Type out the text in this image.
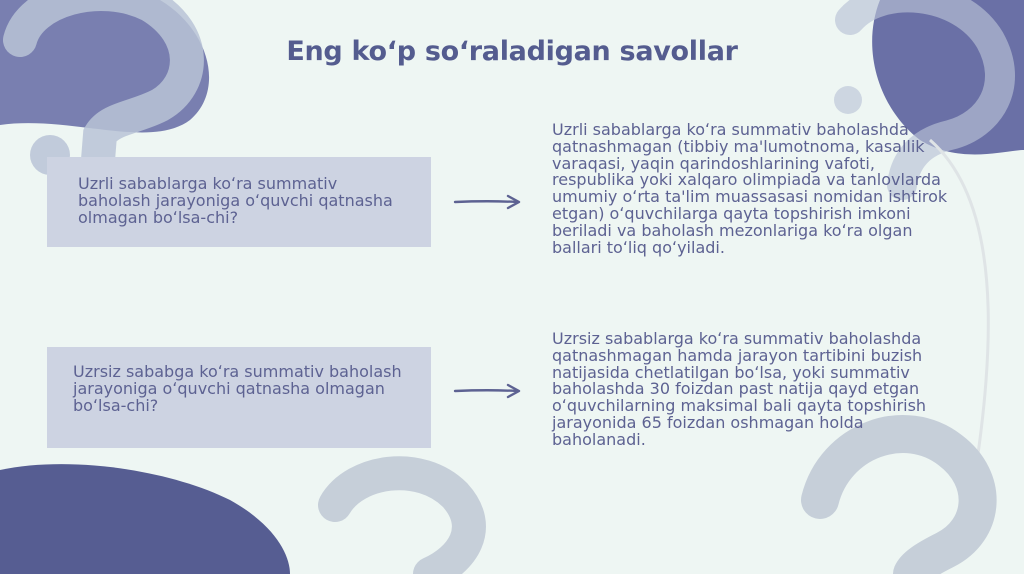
Eng koʻp soʻraladigan savollar
Uzrli sabablarga koʻra summativ baholash jarayoniga oʻquvchi qatnasha olmagan boʻlsa-chi?

Uzrli sabablarga koʻra summativ baholashda qatnashmagan (tibbiy ma'lumotnoma, kasallik varaqasi, yaqin qarindoshlarining vafoti, respublika yoki xalqaro olimpiada va tanlovlarda umumiy oʻrta ta'lim muassasasi nomidan ishtirok etgan) oʻquvchilarga qayta topshirish imkoni beriladi va baholash mezonlariga koʻra olgan ballari toʻliq qoʻyiladi.

Uzrsiz sababga koʻra summativ baholash jarayoniga oʻquvchi qatnasha olmagan boʻlsa-chi?

Uzrsiz sabablarga koʻra summativ baholashda qatnashmagan hamda jarayon tartibini buzish natijasida chetlatilgan boʻlsa, yoki summativ baholashda 30 foizdan past natija qayd etgan oʻquvchilarning maksimal bali qayta topshirish jarayonida 65 foizdan oshmagan holda baholanadi.
